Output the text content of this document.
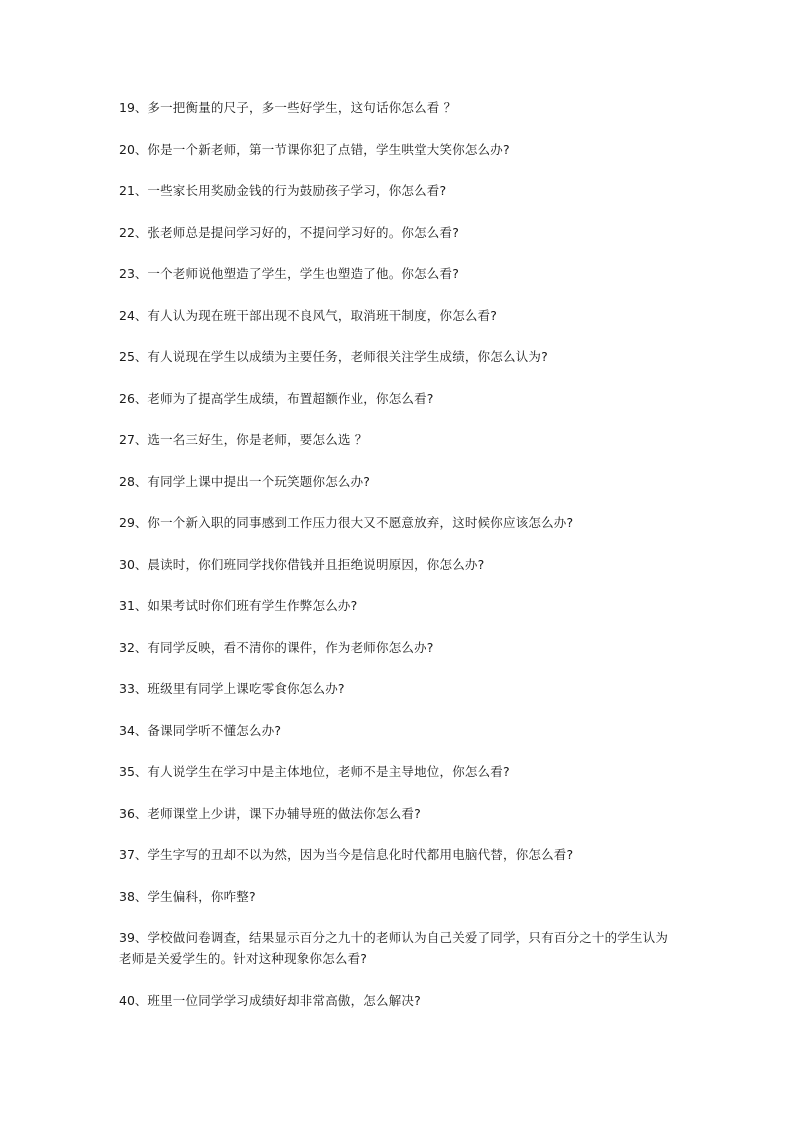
19、多一把衡量的尺子，多一些好学生，这句话你怎么看 ？
20、你是一个新老师，第一节课你犯了点错，学生哄堂大笑你怎么办?
21、一些家长用奖励金钱的行为鼓励孩子学习，你怎么看?
22、张老师总是提问学习好的，不提问学习好的。你怎么看?
23、一个老师说他塑造了学生，学生也塑造了他。你怎么看?
24、有人认为现在班干部出现不良风气，取消班干制度，你怎么看?
25、有人说现在学生以成绩为主要任务，老师很关注学生成绩，你怎么认为?
26、老师为了提高学生成绩，布置超额作业，你怎么看?
27、选一名三好生，你是老师，要怎么选 ？
28、有同学上课中提出一个玩笑题你怎么办?
29、你一个新入职的同事感到工作压力很大又不愿意放弃，这时候你应该怎么办?
30、晨读时，你们班同学找你借钱并且拒绝说明原因，你怎么办?
31、如果考试时你们班有学生作弊怎么办?
32、有同学反映，看不清你的课件，作为老师你怎么办?
33、班级里有同学上课吃零食你怎么办?
34、备课同学听不懂怎么办?
35、有人说学生在学习中是主体地位，老师不是主导地位，你怎么看?
36、老师课堂上少讲，课下办辅导班的做法你怎么看?
37、学生字写的丑却不以为然，因为当今是信息化时代都用电脑代替，你怎么看?
38、学生偏科，你咋整?
39、学校做问卷调查，结果显示百分之九十的老师认为自己关爱了同学，只有百分之十的学生认为老师是关爱学生的。针对这种现象你怎么看?
40、班里一位同学学习成绩好却非常高傲，怎么解决?
